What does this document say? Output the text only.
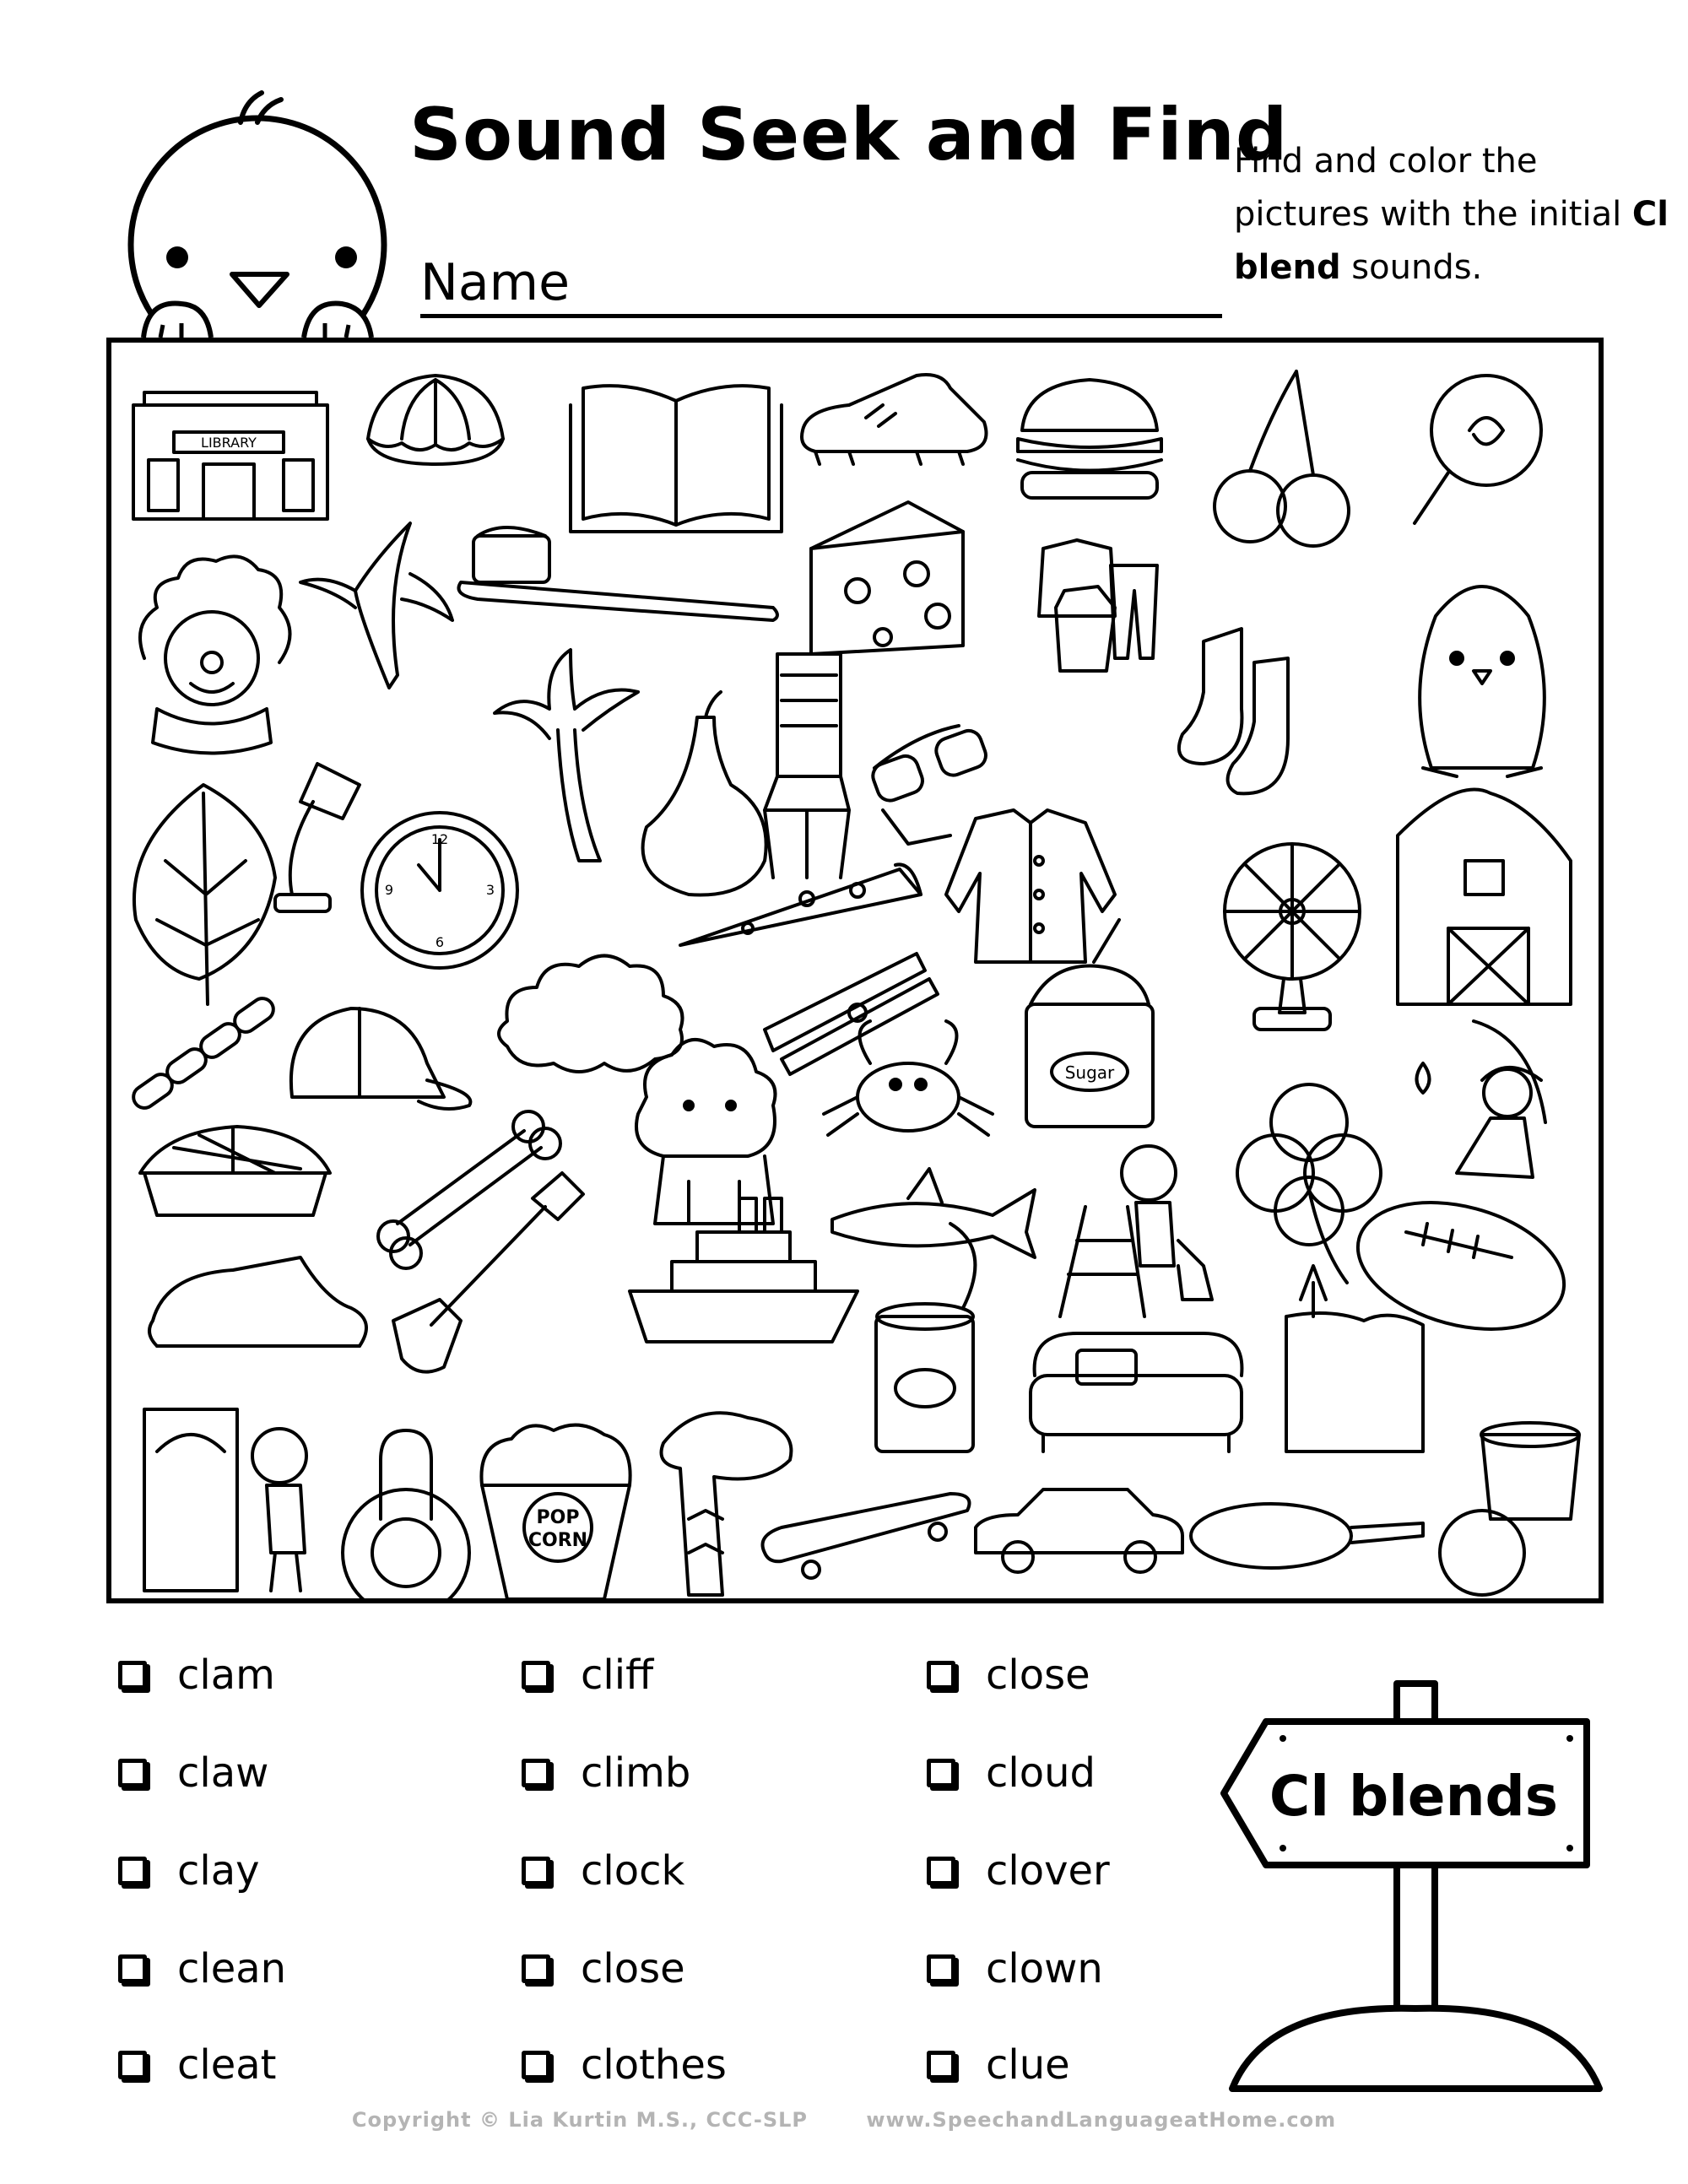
Sound Seek and Find
Find and color the pictures with the initial Cl blend sounds.
Name
LIBRARY
12
3
6
9
Sugar
POP
CORN
clam
claw
clay
clean
cleat
cliff
climb
clock
close
clothes
close
cloud
clover
clown
clue
Cl blends
Copyright © Lia Kurtin M.S., CCC-SLP	www.SpeechandLanguageatHome.com
